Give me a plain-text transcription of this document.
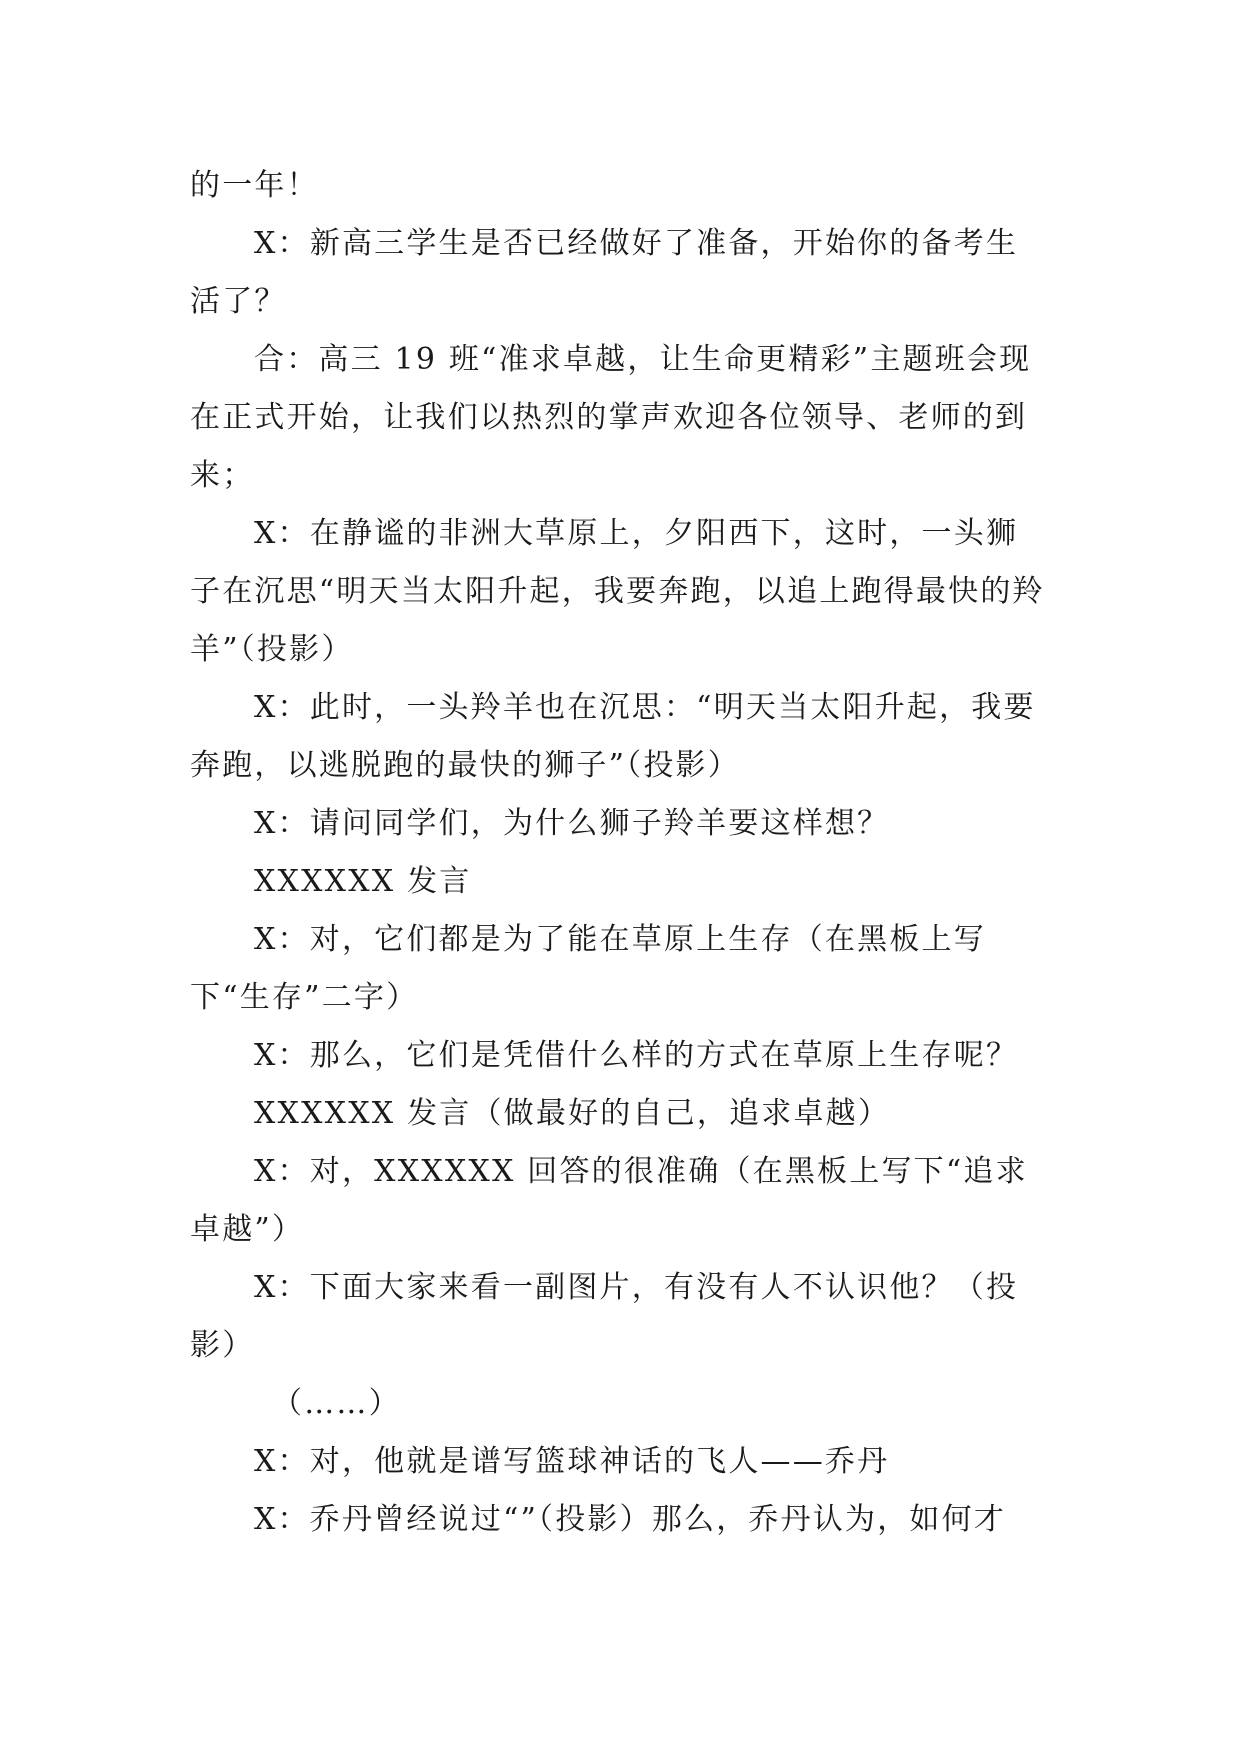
的一年！

X：新高三学生是否已经做好了准备，开始你的备考生活了？

合：高三 19 班“准求卓越，让生命更精彩”主题班会现在正式开始，让我们以热烈的掌声欢迎各位领导、老师的到来；

X：在静谧的非洲大草原上，夕阳西下，这时，一头狮子在沉思“明天当太阳升起，我要奔跑，以追上跑得最快的羚羊”（投影）

X：此时，一头羚羊也在沉思：“明天当太阳升起，我要奔跑，以逃脱跑的最快的狮子”（投影）

X：请问同学们，为什么狮子羚羊要这样想？

XXXXXX 发言

X：对，它们都是为了能在草原上生存（在黑板上写下“生存”二字）

X：那么，它们是凭借什么样的方式在草原上生存呢？

XXXXXX 发言（做最好的自己，追求卓越）

X：对，XXXXXX 回答的很准确（在黑板上写下“追求卓越”）

X：下面大家来看一副图片，有没有人不认识他？（投影）

（……）

X：对，他就是谱写篮球神话的飞人——乔丹

X：乔丹曾经说过“”（投影）那么，乔丹认为，如何才
